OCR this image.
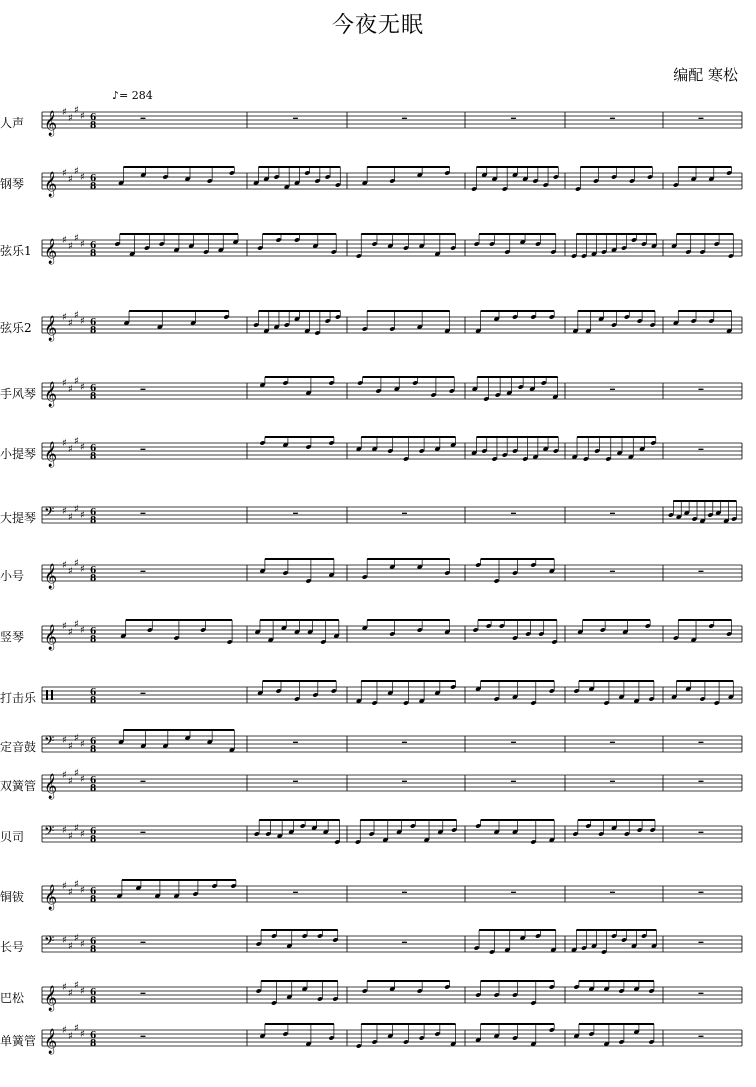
今夜无眠
编配 寒松
♪= 284
𝄞 ♯
♯
♯
♯ 6
8
━	━	━	━	━	━
𝄞 ♯
♯
♯
♯ 6
8
𝄞 ♯
♯
♯
♯ 6
8
𝄞 ♯
♯
♯
♯ 6
8
𝄞 ♯
♯
♯
♯ 6
8
━	━	━
𝄞 ♯
♯
♯
♯ 6
8
━	━
𝄢 ♯
♯
♯
♯ 6
8
━	━	━	━	━
𝄞 ♯
♯
♯
♯ 6
8
━	━	━
𝄞 ♯
♯
♯
♯ 6
8
6
8
━
𝄢 ♯
♯
♯
♯ 6
8
━	━	━	━	━
𝄞 ♯
♯
♯
♯ 6
8
━	━	━	━	━	━
𝄢 ♯
♯
♯
♯ 6
8
━	━
𝄞 ♯
♯
♯
♯ 6
8
━	━	━	━	━
𝄢 ♯
♯
♯
♯ 6
8
━	━	━
𝄞 ♯
♯
♯
♯ 6
8
━	━
𝄞 ♯
♯
♯
♯ 6
8
━	━
人声
钢琴
弦乐1
弦乐2
手风琴
小提琴
大提琴
小号
竖琴
打击乐
定音鼓
双簧管
贝司
铜钹
长号
巴松
单簧管
